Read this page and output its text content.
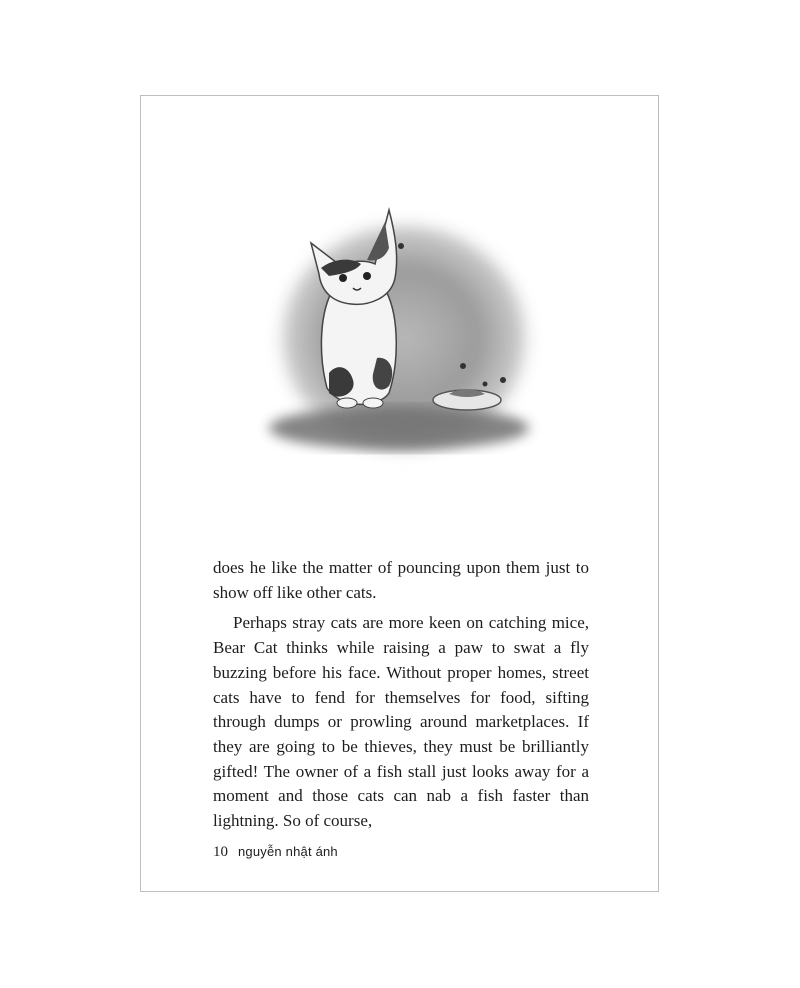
does he like the matter of pouncing upon them just to show off like other cats.

Perhaps stray cats are more keen on catching mice, Bear Cat thinks while raising a paw to swat a fly buzzing before his face. Without proper homes, street cats have to fend for themselves for food, sifting through dumps or prowling around marketplaces. If they are going to be thieves, they must be brilliantly gifted! The owner of a fish stall just looks away for a moment and those cats can nab a fish faster than lightning. So of course,

10 nguyễn nhật ánh
